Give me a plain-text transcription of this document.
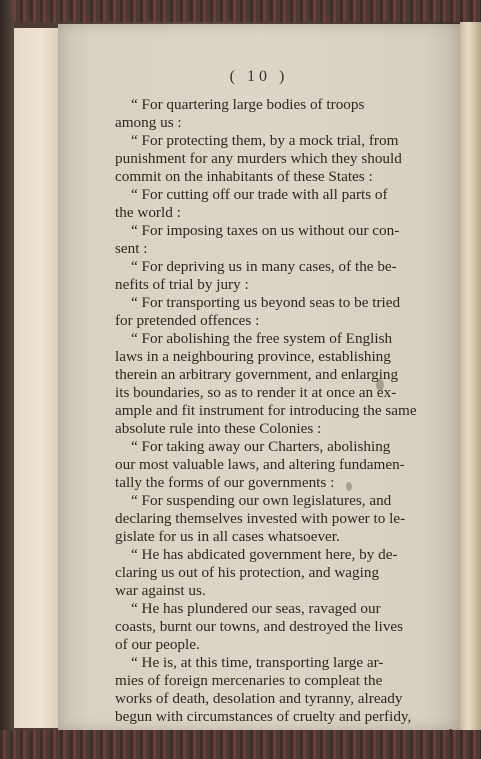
( 10 )
“ For quartering large bodies of troops
among us :
“ For protecting them, by a mock trial, from
punishment for any murders which they should
commit on the inhabitants of these States :
“ For cutting off our trade with all parts of
the world :
“ For imposing taxes on us without our con-
sent :
“ For depriving us in many cases, of the be-
nefits of trial by jury :
“ For transporting us beyond seas to be tried
for pretended offences :
“ For abolishing the free system of English
laws in a neighbouring province, establishing
therein an arbitrary government, and enlarging
its boundaries, so as to render it at once an ex-
ample and fit instrument for introducing the same
absolute rule into these Colonies :
“ For taking away our Charters, abolishing
our most valuable laws, and altering fundamen-
tally the forms of our governments :
“ For suspending our own legislatures, and
declaring themselves invested with power to le-
gislate for us in all cases whatsoever.
“ He has abdicated government here, by de-
claring us out of his protection, and waging
war against us.
“ He has plundered our seas, ravaged our
coasts, burnt our towns, and destroyed the lives
of our people.
“ He is, at this time, transporting large ar-
mies of foreign mercenaries to compleat the
works of death, desolation and tyranny, already
begun with circumstances of cruelty and perfidy,
